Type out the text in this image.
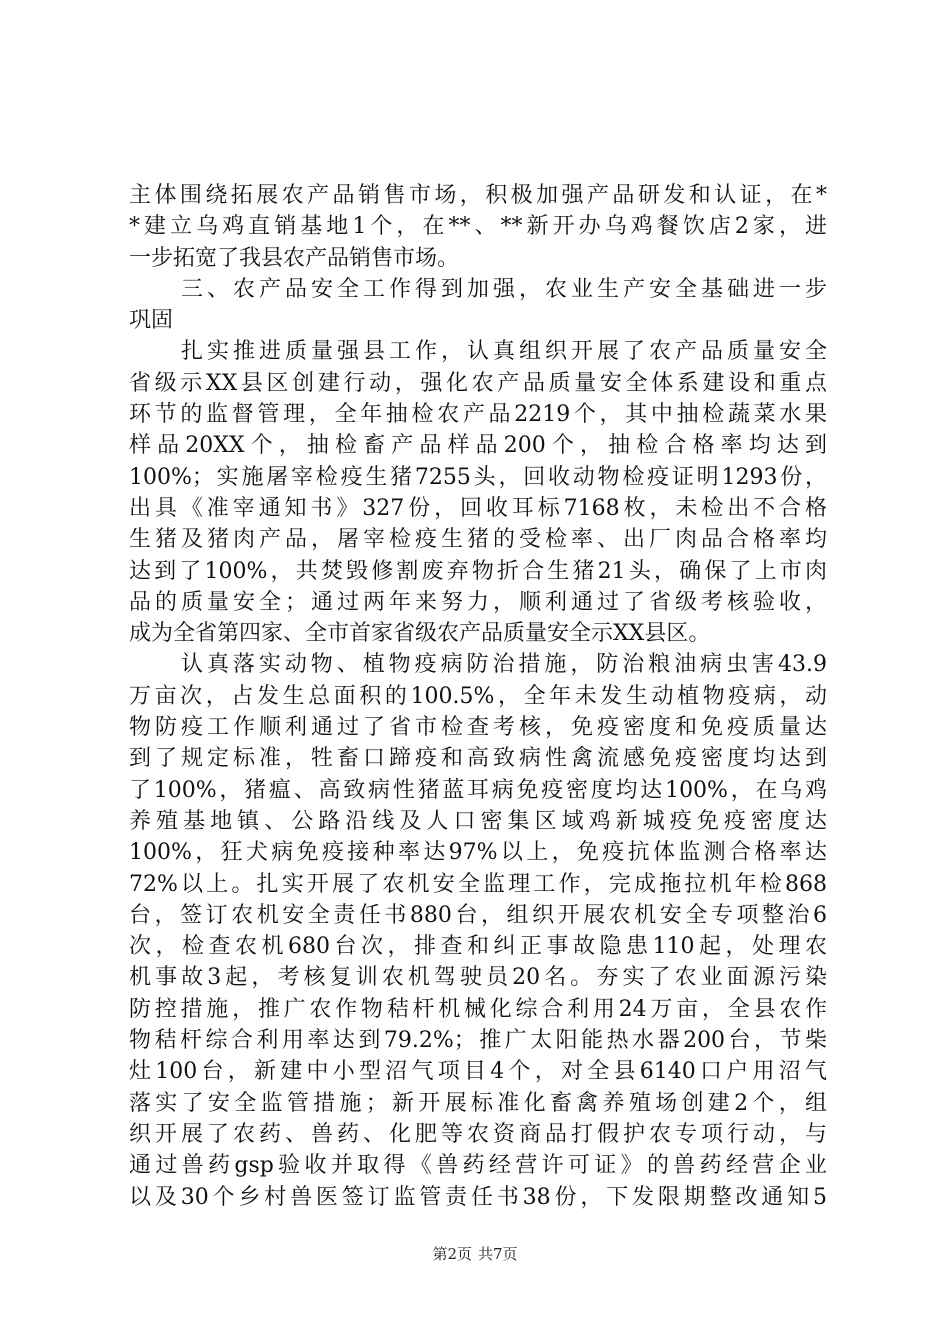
主体围绕拓展农产品销售市场，积极加强产品研发和认证，在*
*建立乌鸡直销基地1个，在**、**新开办乌鸡餐饮店2家，进
一步拓宽了我县农产品销售市场。
三、农产品安全工作得到加强，农业生产安全基础进一步
巩固
扎实推进质量强县工作，认真组织开展了农产品质量安全
省级示XX县区创建行动，强化农产品质量安全体系建设和重点
环节的监督管理，全年抽检农产品2219个，其中抽检蔬菜水果
样品20XX个，抽检畜产品样品200个，抽检合格率均达到
100%；实施屠宰检疫生猪7255头，回收动物检疫证明1293份，
出具《准宰通知书》327份，回收耳标7168枚，未检出不合格
生猪及猪肉产品，屠宰检疫生猪的受检率、出厂肉品合格率均
达到了100%，共焚毁修割废弃物折合生猪21头，确保了上市肉
品的质量安全；通过两年来努力，顺利通过了省级考核验收，
成为全省第四家、全市首家省级农产品质量安全示XX县区。
认真落实动物、植物疫病防治措施，防治粮油病虫害43.9
万亩次，占发生总面积的100.5%，全年未发生动植物疫病，动
物防疫工作顺利通过了省市检查考核，免疫密度和免疫质量达
到了规定标准，牲畜口蹄疫和高致病性禽流感免疫密度均达到
了100%，猪瘟、高致病性猪蓝耳病免疫密度均达100%，在乌鸡
养殖基地镇、公路沿线及人口密集区域鸡新城疫免疫密度达
100%，狂犬病免疫接种率达97%以上，免疫抗体监测合格率达
72%以上。扎实开展了农机安全监理工作，完成拖拉机年检868
台，签订农机安全责任书880台，组织开展农机安全专项整治6
次，检查农机680台次，排查和纠正事故隐患110起，处理农
机事故3起，考核复训农机驾驶员20名。夯实了农业面源污染
防控措施，推广农作物秸杆机械化综合利用24万亩，全县农作
物秸杆综合利用率达到79.2%；推广太阳能热水器200台，节柴
灶100台，新建中小型沼气项目4个，对全县6140口户用沼气
落实了安全监管措施；新开展标准化畜禽养殖场创建2个，组
织开展了农药、兽药、化肥等农资商品打假护农专项行动，与
通过兽药gsp验收并取得《兽药经营许可证》的兽药经营企业
以及30个乡村兽医签订监管责任书38份，下发限期整改通知5
第2页 共7页
